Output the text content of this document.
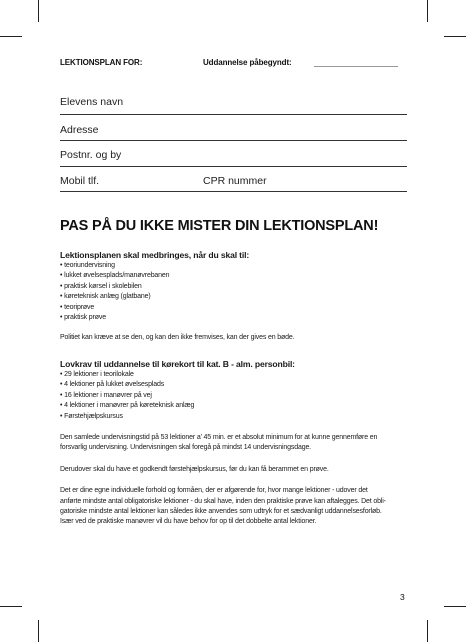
LEKTIONSPLAN FOR:	Uddannelse påbegyndt:
Elevens navn
Adresse
Postnr. og by
Mobil tlf.	CPR nummer
PAS PÅ DU IKKE MISTER DIN LEKTIONSPLAN!
Lektionsplanen skal medbringes, når du skal til:
• teoriundervisning
• lukket øvelsesplads/manøvrebanen
• praktisk kørsel i skolebilen
• køreteknisk anlæg (glatbane)
• teoriprøve
• praktisk prøve

Politiet kan kræve at se den, og kan den ikke fremvises, kan der gives en bøde.

Lovkrav til uddannelse til kørekort til kat. B - alm. personbil:
• 29 lektioner i teorilokale
• 4 lektioner på lukket øvelsesplads
• 16 lektioner i manøvrer på vej
• 4 lektioner i manøvrer på køreteknisk anlæg
• Førstehjælpskursus

Den samlede undervisningstid på 53 lektioner a' 45 min. er et absolut minimum for at kunne gennemføre en
forsvarlig undervisning. Undervisningen skal foregå på mindst 14 undervisningsdage.

Derudover skal du have et godkendt førstehjælpskursus, før du kan få berammet en prøve.

Det er dine egne individuelle forhold og formåen, der er afgørende for, hvor mange lektioner - udover det
anførte mindste antal obligatoriske lektioner - du skal have, inden den praktiske prøve kan aftalegges. Det obli-
gatoriske mindste antal lektioner kan således ikke anvendes som udtryk for et sædvanligt uddannelsesforløb.
Især ved de praktiske manøvrer vil du have behov for op til det dobbelte antal lektioner.

3
